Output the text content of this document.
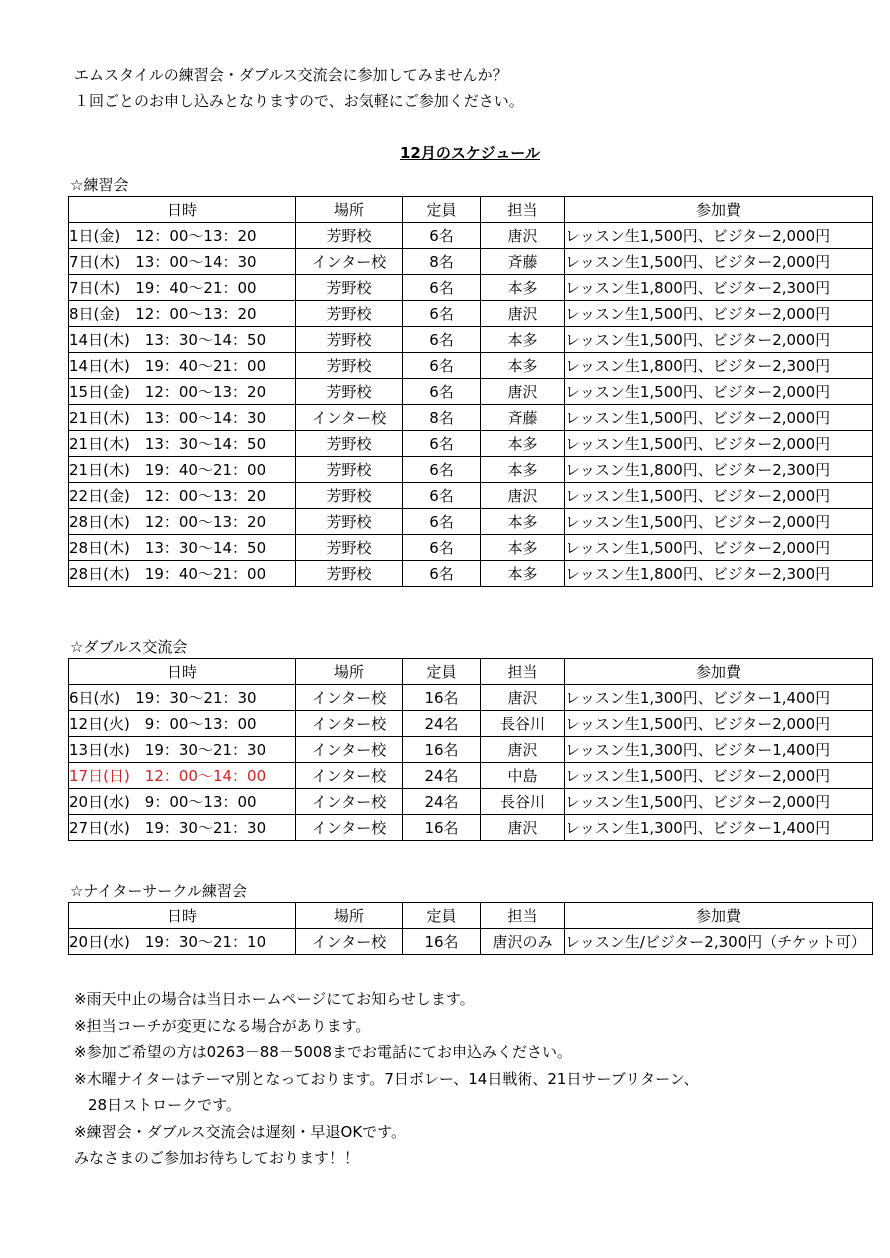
エムスタイルの練習会・ダブルス交流会に参加してみませんか？
１回ごとのお申し込みとなりますので、お気軽にご参加ください。
12月のスケジュール
☆練習会
日時	場所	定員	担当	参加費
1日(金)　12：00～13：20	芳野校	6名	唐沢	レッスン生1,500円、ビジター2,000円
7日(木)　13：00～14：30	インター校	8名	斉藤	レッスン生1,500円、ビジター2,000円
7日(木)　19：40～21：00	芳野校	6名	本多	レッスン生1,800円、ビジター2,300円
8日(金)　12：00～13：20	芳野校	6名	唐沢	レッスン生1,500円、ビジター2,000円
14日(木)　13：30～14：50	芳野校	6名	本多	レッスン生1,500円、ビジター2,000円
14日(木)　19：40～21：00	芳野校	6名	本多	レッスン生1,800円、ビジター2,300円
15日(金)　12：00～13：20	芳野校	6名	唐沢	レッスン生1,500円、ビジター2,000円
21日(木)　13：00～14：30	インター校	8名	斉藤	レッスン生1,500円、ビジター2,000円
21日(木)　13：30～14：50	芳野校	6名	本多	レッスン生1,500円、ビジター2,000円
21日(木)　19：40～21：00	芳野校	6名	本多	レッスン生1,800円、ビジター2,300円
22日(金)　12：00～13：20	芳野校	6名	唐沢	レッスン生1,500円、ビジター2,000円
28日(木)　12：00～13：20	芳野校	6名	本多	レッスン生1,500円、ビジター2,000円
28日(木)　13：30～14：50	芳野校	6名	本多	レッスン生1,500円、ビジター2,000円
28日(木)　19：40～21：00	芳野校	6名	本多	レッスン生1,800円、ビジター2,300円
☆ダブルス交流会
日時	場所	定員	担当	参加費
6日(水)　19：30～21：30	インター校	16名	唐沢	レッスン生1,300円、ビジター1,400円
12日(火)　9：00～13：00	インター校	24名	長谷川	レッスン生1,500円、ビジター2,000円
13日(水)　19：30～21：30	インター校	16名	唐沢	レッスン生1,300円、ビジター1,400円
17日(日)　12：00～14：00	インター校	24名	中島	レッスン生1,500円、ビジター2,000円
20日(水)　9：00～13：00	インター校	24名	長谷川	レッスン生1,500円、ビジター2,000円
27日(水)　19：30～21：30	インター校	16名	唐沢	レッスン生1,300円、ビジター1,400円
☆ナイターサークル練習会
日時	場所	定員	担当	参加費
20日(水)　19：30～21：10	インター校	16名	唐沢のみ	レッスン生/ビジター2,300円（チケット可）
※雨天中止の場合は当日ホームページにてお知らせします。
※担当コーチが変更になる場合があります。
※参加ご希望の方は0263－88－5008までお電話にてお申込みください。
※木曜ナイターはテーマ別となっております。7日ボレー、14日戦術、21日サーブリターン、
28日ストロークです。
※練習会・ダブルス交流会は遅刻・早退OKです。
みなさまのご参加お待ちしております！！
